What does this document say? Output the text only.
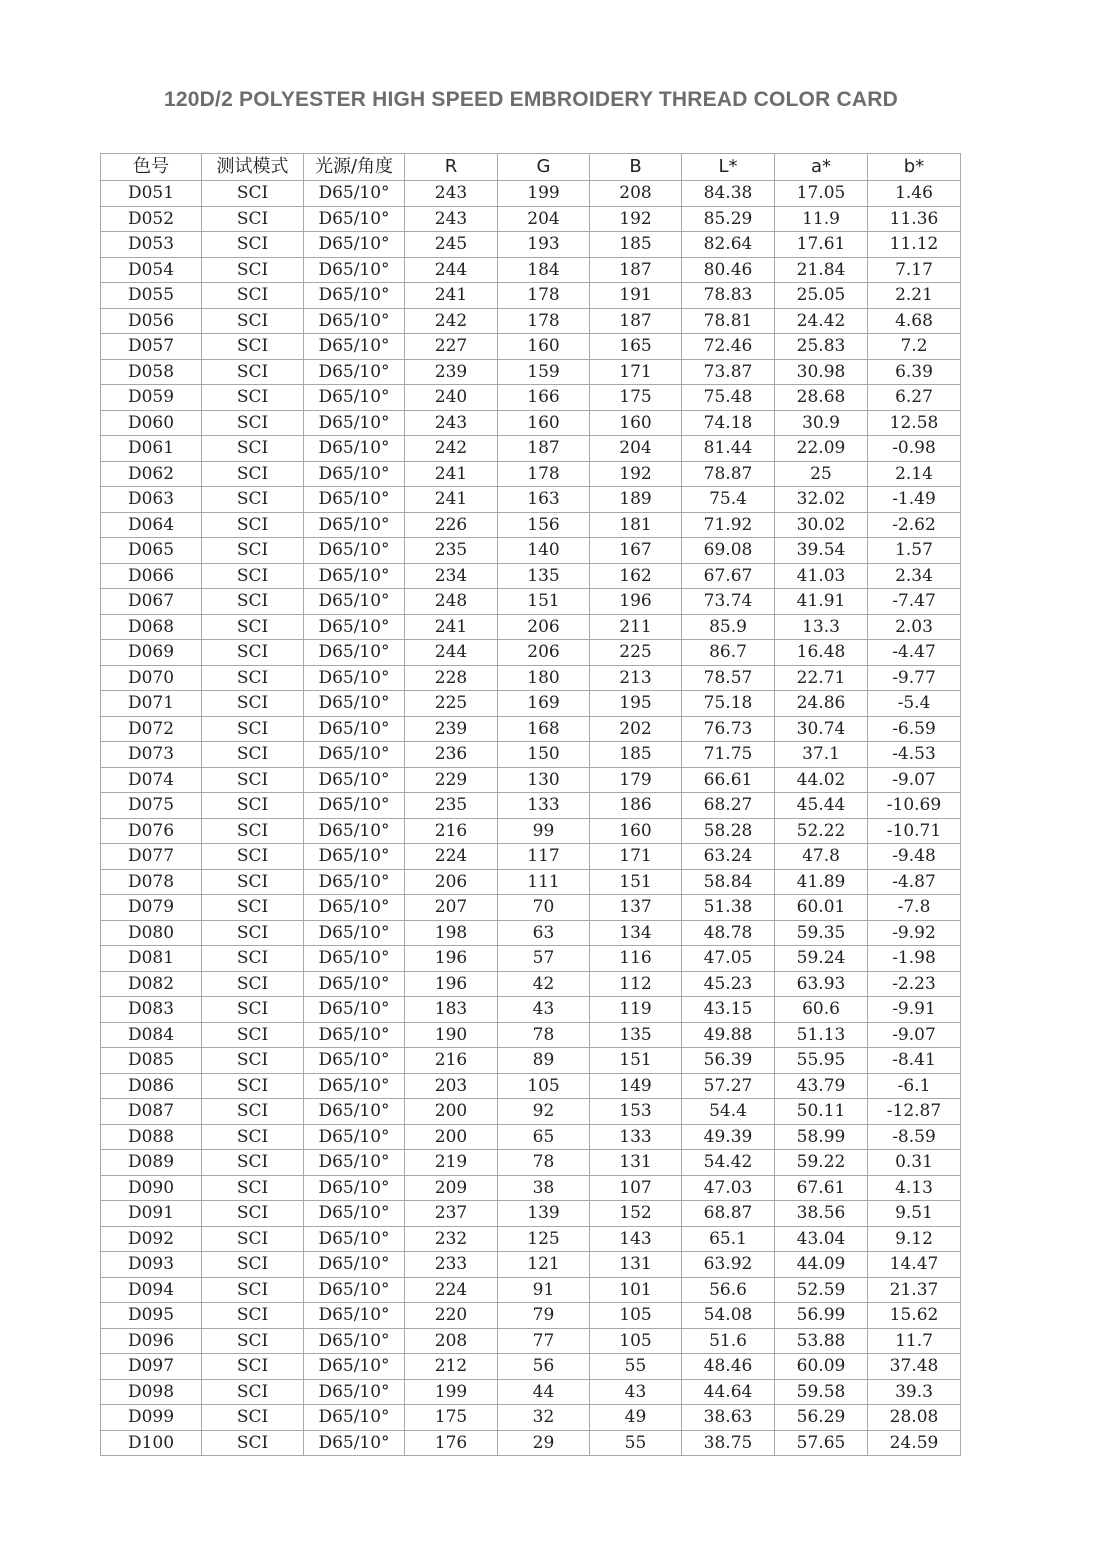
120D/2 POLYESTER HIGH SPEED EMBROIDERY THREAD COLOR CARD
色号	测试模式	光源/角度	R	G	B	L*	a*	b*
D051	SCI	D65/10°	243	199	208	84.38	17.05	1.46
D052	SCI	D65/10°	243	204	192	85.29	11.9	11.36
D053	SCI	D65/10°	245	193	185	82.64	17.61	11.12
D054	SCI	D65/10°	244	184	187	80.46	21.84	7.17
D055	SCI	D65/10°	241	178	191	78.83	25.05	2.21
D056	SCI	D65/10°	242	178	187	78.81	24.42	4.68
D057	SCI	D65/10°	227	160	165	72.46	25.83	7.2
D058	SCI	D65/10°	239	159	171	73.87	30.98	6.39
D059	SCI	D65/10°	240	166	175	75.48	28.68	6.27
D060	SCI	D65/10°	243	160	160	74.18	30.9	12.58
D061	SCI	D65/10°	242	187	204	81.44	22.09	-0.98
D062	SCI	D65/10°	241	178	192	78.87	25	2.14
D063	SCI	D65/10°	241	163	189	75.4	32.02	-1.49
D064	SCI	D65/10°	226	156	181	71.92	30.02	-2.62
D065	SCI	D65/10°	235	140	167	69.08	39.54	1.57
D066	SCI	D65/10°	234	135	162	67.67	41.03	2.34
D067	SCI	D65/10°	248	151	196	73.74	41.91	-7.47
D068	SCI	D65/10°	241	206	211	85.9	13.3	2.03
D069	SCI	D65/10°	244	206	225	86.7	16.48	-4.47
D070	SCI	D65/10°	228	180	213	78.57	22.71	-9.77
D071	SCI	D65/10°	225	169	195	75.18	24.86	-5.4
D072	SCI	D65/10°	239	168	202	76.73	30.74	-6.59
D073	SCI	D65/10°	236	150	185	71.75	37.1	-4.53
D074	SCI	D65/10°	229	130	179	66.61	44.02	-9.07
D075	SCI	D65/10°	235	133	186	68.27	45.44	-10.69
D076	SCI	D65/10°	216	99	160	58.28	52.22	-10.71
D077	SCI	D65/10°	224	117	171	63.24	47.8	-9.48
D078	SCI	D65/10°	206	111	151	58.84	41.89	-4.87
D079	SCI	D65/10°	207	70	137	51.38	60.01	-7.8
D080	SCI	D65/10°	198	63	134	48.78	59.35	-9.92
D081	SCI	D65/10°	196	57	116	47.05	59.24	-1.98
D082	SCI	D65/10°	196	42	112	45.23	63.93	-2.23
D083	SCI	D65/10°	183	43	119	43.15	60.6	-9.91
D084	SCI	D65/10°	190	78	135	49.88	51.13	-9.07
D085	SCI	D65/10°	216	89	151	56.39	55.95	-8.41
D086	SCI	D65/10°	203	105	149	57.27	43.79	-6.1
D087	SCI	D65/10°	200	92	153	54.4	50.11	-12.87
D088	SCI	D65/10°	200	65	133	49.39	58.99	-8.59
D089	SCI	D65/10°	219	78	131	54.42	59.22	0.31
D090	SCI	D65/10°	209	38	107	47.03	67.61	4.13
D091	SCI	D65/10°	237	139	152	68.87	38.56	9.51
D092	SCI	D65/10°	232	125	143	65.1	43.04	9.12
D093	SCI	D65/10°	233	121	131	63.92	44.09	14.47
D094	SCI	D65/10°	224	91	101	56.6	52.59	21.37
D095	SCI	D65/10°	220	79	105	54.08	56.99	15.62
D096	SCI	D65/10°	208	77	105	51.6	53.88	11.7
D097	SCI	D65/10°	212	56	55	48.46	60.09	37.48
D098	SCI	D65/10°	199	44	43	44.64	59.58	39.3
D099	SCI	D65/10°	175	32	49	38.63	56.29	28.08
D100	SCI	D65/10°	176	29	55	38.75	57.65	24.59
